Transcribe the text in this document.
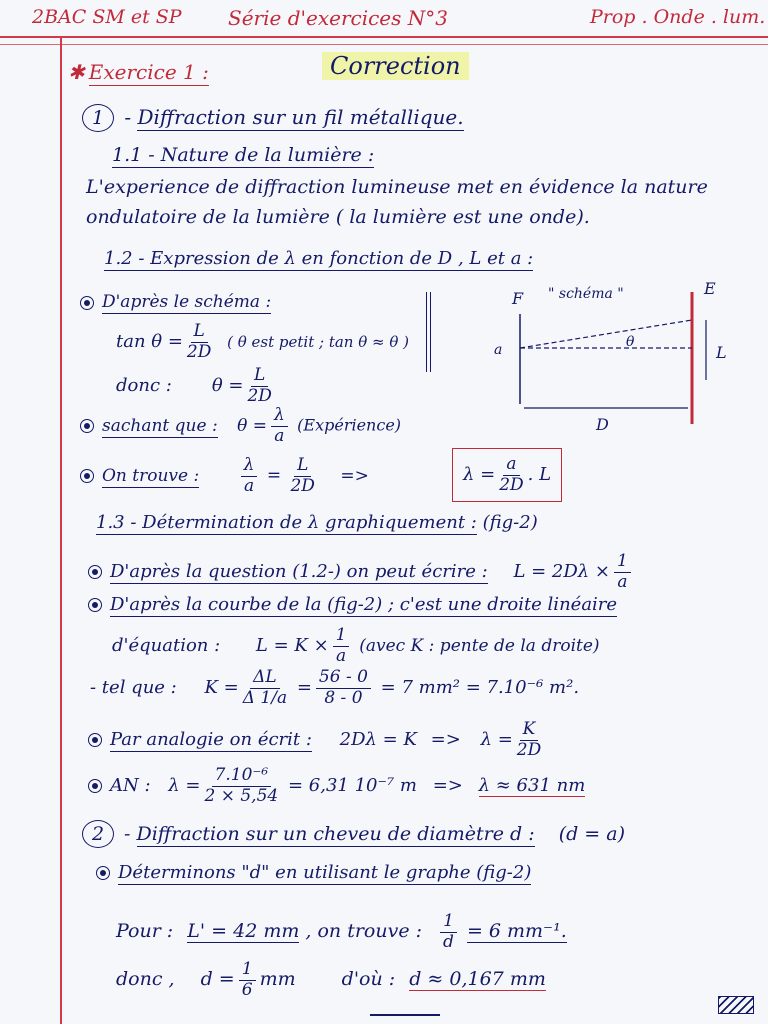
2BAC SM et SP Série d'exercices N°3	Prop . Onde . lum.
Correction
✱ Exercice 1 :
1 - Diffraction sur un fil métallique.
1.1 - Nature de la lumière :
L'experience de diffraction lumineuse met en évidence la nature
ondulatoire de la lumière ( la lumière est une onde).
1.2 - Expression de λ en fonction de D , L et a :
D'après le schéma :
$\tan \theta = \frac{L}{2D}$ ( θ est petit ; tan θ ≈ θ )
donc : $\theta = \frac{L}{2D}$
sachant que : $\theta = \frac{\lambda}{a}$ (Expérience)
On trouve : $\frac{\lambda}{a} = \frac{L}{2D}$ =>	$\lambda = \frac{a}{2D}$ . L
F
E
" schéma "
a	θ
L
D
1.3 - Détermination de λ graphiquement : (fig-2)
D'après la question (1.2-) on peut écrire : $L = 2D\lambda \times \frac{1}{a}$
D'après la courbe de la (fig-2) ; c'est une droite linéaire
d'équation : $L = K \times \frac{1}{a}$ (avec K : pente de la droite)
- tel que : $K = \frac{\Delta L}{\Delta 1/a} = \frac{56 - 0}{8 - 0} = 7$ mm² = 7.10⁻⁶ m².
Par analogie on écrit : $2D\lambda = K => \lambda = \frac{K}{2D}$
AN : $\lambda = \frac{\text{7.10⁻⁶}}{2 \times 5,54} = 6,31$ 10⁻⁷ m => λ ≈ 631 nm
2 - Diffraction sur un cheveu de diamètre d : (d = a)
Déterminons "d" en utilisant le graphe (fig-2)
Pour : L' = 42 mm , on trouve : $\frac{1}{d} = 6$ mm⁻¹.
donc , $d = \frac{1}{6}$ mm d'où : d ≈ 0,167 mm
